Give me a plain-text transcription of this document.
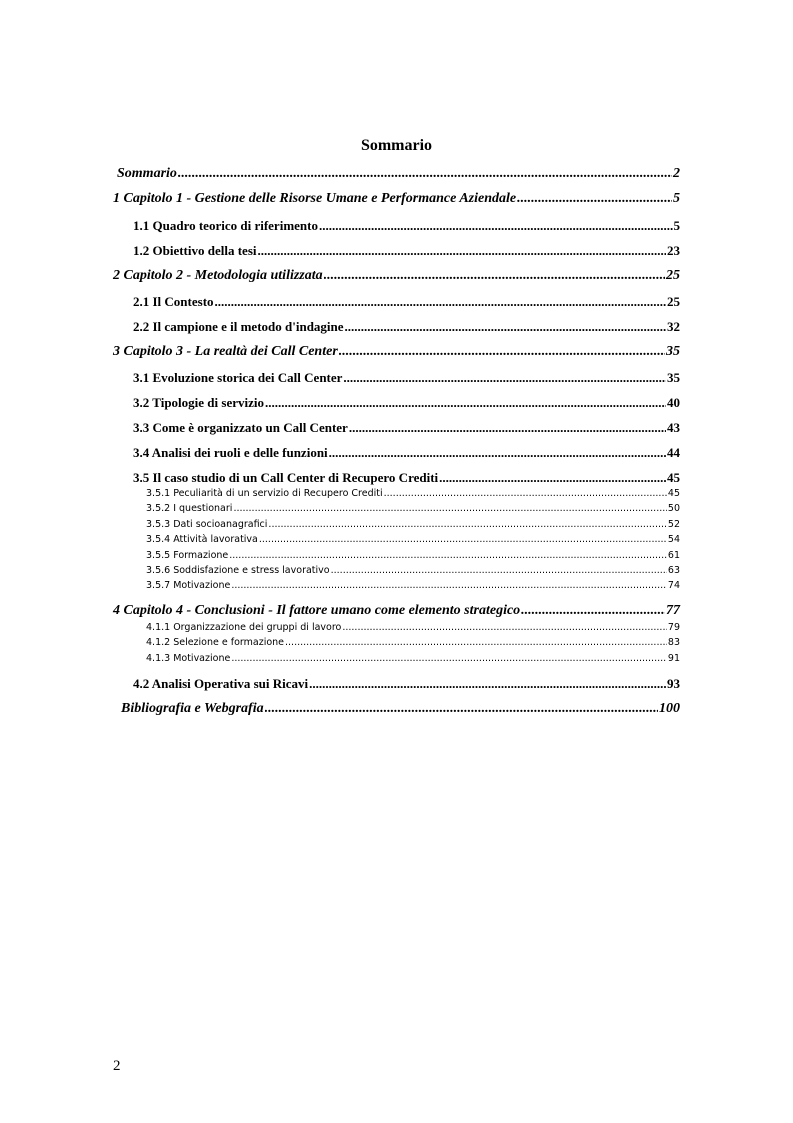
Sommario
Sommario .....	2
1 Capitolo 1 - Gestione delle Risorse Umane e Performance Aziendale .....	5
1.1 Quadro teorico di riferimento .....	5
1.2 Obiettivo della tesi .....	23
2 Capitolo 2 - Metodologia utilizzata .....	25
2.1 Il Contesto .....	25
2.2 Il campione e il metodo d'indagine .....	32
3 Capitolo 3 - La realtà dei Call Center .....	35
3.1 Evoluzione storica dei Call Center .....	35
3.2 Tipologie di servizio .....	40
3.3 Come è organizzato un Call Center .....	43
3.4 Analisi dei ruoli e delle funzioni .....	44
3.5 Il caso studio di un Call Center di Recupero Crediti .....	45
3.5.1 Peculiarità di un servizio di Recupero Crediti .....	45
3.5.2 I questionari .....	50
3.5.3 Dati socioanagrafici .....	52
3.5.4 Attività lavorativa .....	54
3.5.5 Formazione .....	61
3.5.6 Soddisfazione e stress lavorativo .....	63
3.5.7 Motivazione .....	74
4 Capitolo 4 - Conclusioni - Il fattore umano come elemento strategico .....	77
4.1.1 Organizzazione dei gruppi di lavoro .....	79
4.1.2 Selezione e formazione .....	83
4.1.3 Motivazione .....	91
4.2 Analisi Operativa sui Ricavi .....	93
Bibliografia e Webgrafia .....	100
2
